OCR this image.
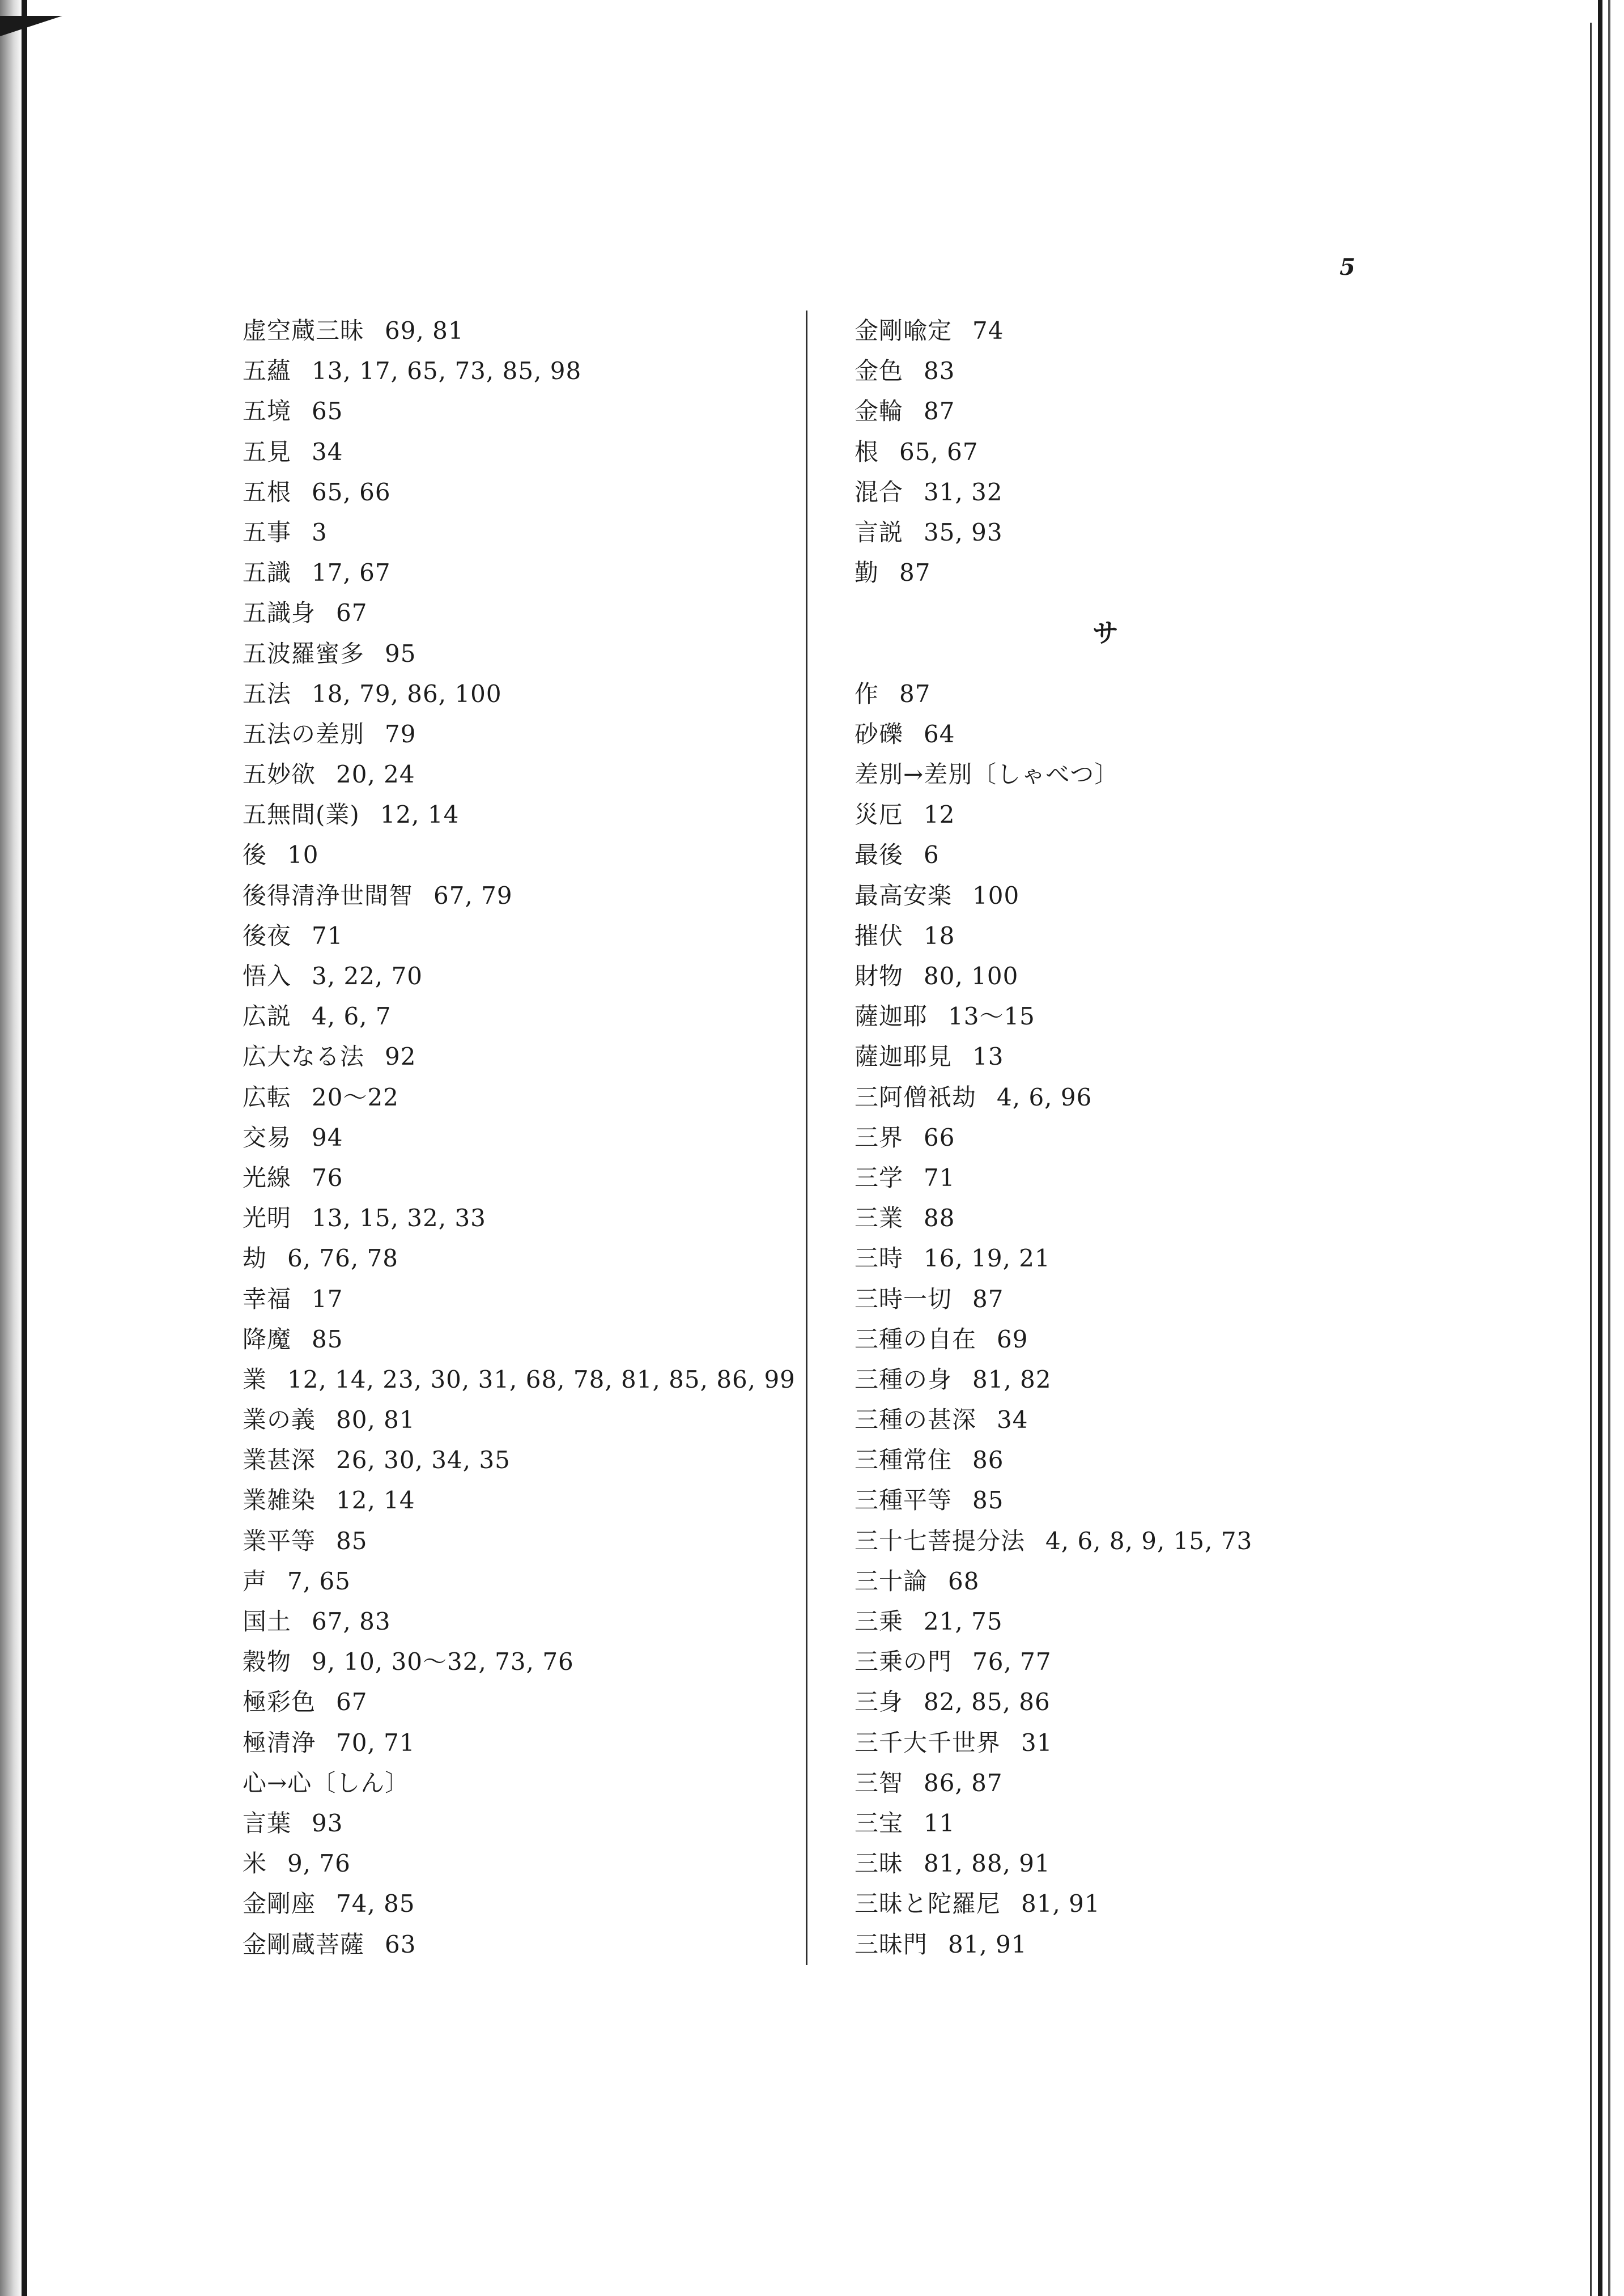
5
虚空蔵三昧 69, 81
五蘊 13, 17, 65, 73, 85, 98
五境 65
五見 34
五根 65, 66
五事 3
五識 17, 67
五識身 67
五波羅蜜多 95
五法 18, 79, 86, 100
五法の差別 79
五妙欲 20, 24
五無間(業) 12, 14
後 10
後得清浄世間智 67, 79
後夜 71
悟入 3, 22, 70
広説 4, 6, 7
広大なる法 92
広転 20～22
交易 94
光線 76
光明 13, 15, 32, 33
劫 6, 76, 78
幸福 17
降魔 85
業 12, 14, 23, 30, 31, 68, 78, 81, 85, 86, 99
業の義 80, 81
業甚深 26, 30, 34, 35
業雑染 12, 14
業平等 85
声 7, 65
国土 67, 83
穀物 9, 10, 30～32, 73, 76
極彩色 67
極清浄 70, 71
心→心〔しん〕
言葉 93
米 9, 76
金剛座 74, 85
金剛蔵菩薩 63
金剛喩定 74
金色 83
金輪 87
根 65, 67
混合 31, 32
言説 35, 93
勤 87
サ
作 87
砂礫 64
差別→差別〔しゃべつ〕
災厄 12
最後 6
最高安楽 100
摧伏 18
財物 80, 100
薩迦耶 13～15
薩迦耶見 13
三阿僧祇劫 4, 6, 96
三界 66
三学 71
三業 88
三時 16, 19, 21
三時一切 87
三種の自在 69
三種の身 81, 82
三種の甚深 34
三種常住 86
三種平等 85
三十七菩提分法 4, 6, 8, 9, 15, 73
三十論 68
三乗 21, 75
三乗の門 76, 77
三身 82, 85, 86
三千大千世界 31
三智 86, 87
三宝 11
三昧 81, 88, 91
三昧と陀羅尼 81, 91
三昧門 81, 91
